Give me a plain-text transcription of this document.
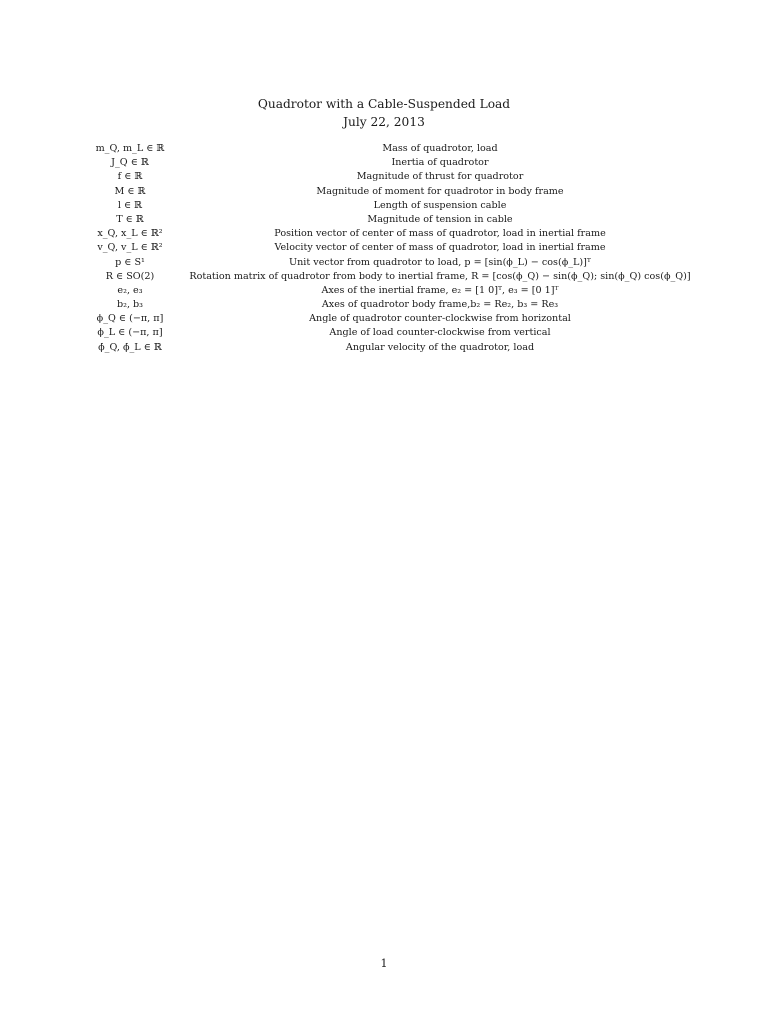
Quadrotor with a Cable-Suspended Load
July 22, 2013
m_Q, m_L ∈ ℝ	Mass of quadrotor, load
J_Q ∈ ℝ	Inertia of quadrotor
f ∈ ℝ	Magnitude of thrust for quadrotor
M ∈ ℝ	Magnitude of moment for quadrotor in body frame
l ∈ ℝ	Length of suspension cable
T ∈ ℝ	Magnitude of tension in cable
x_Q, x_L ∈ ℝ²	Position vector of center of mass of quadrotor, load in inertial frame
v_Q, v_L ∈ ℝ²	Velocity vector of center of mass of quadrotor, load in inertial frame
p ∈ S¹	Unit vector from quadrotor to load, p = [sin(ϕ_L) − cos(ϕ_L)]ᵀ
R ∈ SO(2)	Rotation matrix of quadrotor from body to inertial frame, R = [cos(ϕ_Q) − sin(ϕ_Q); sin(ϕ_Q) cos(ϕ_Q)]
e₂, e₃	Axes of the inertial frame, e₂ = [1 0]ᵀ, e₃ = [0 1]ᵀ
b₂, b₃	Axes of quadrotor body frame,b₂ = Re₂, b₃ = Re₃
ϕ_Q ∈ (−π, π]	Angle of quadrotor counter-clockwise from horizontal
ϕ_L ∈ (−π, π]	Angle of load counter-clockwise from vertical
ϕ̇_Q, ϕ̇_L ∈ ℝ	Angular velocity of the quadrotor, load
1
